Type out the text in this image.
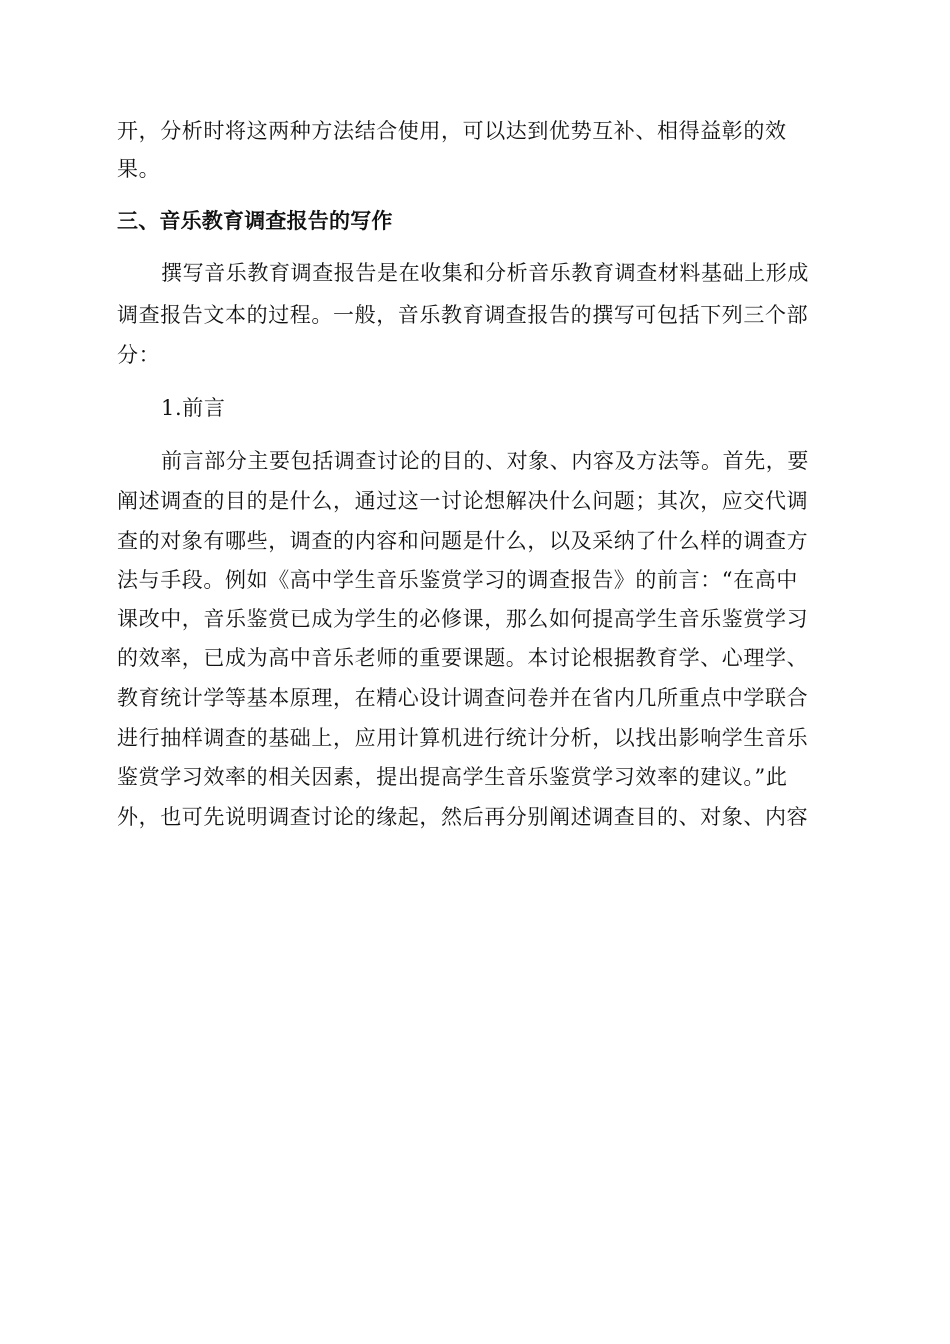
开，分析时将这两种方法结合使用，可以达到优势互补、相得益彰的效
果。
三、音乐教育调查报告的写作
撰写音乐教育调查报告是在收集和分析音乐教育调查材料基础上形成
调查报告文本的过程。一般，音乐教育调查报告的撰写可包括下列三个部
分：
1.前言
前言部分主要包括调查讨论的目的、对象、内容及方法等。首先，要
阐述调查的目的是什么，通过这一讨论想解决什么问题；其次，应交代调
查的对象有哪些，调查的内容和问题是什么，以及采纳了什么样的调查方
法与手段。例如《高中学生音乐鉴赏学习的调查报告》的前言：“在高中
课改中，音乐鉴赏已成为学生的必修课，那么如何提高学生音乐鉴赏学习
的效率，已成为高中音乐老师的重要课题。本讨论根据教育学、心理学、
教育统计学等基本原理，在精心设计调查问卷并在省内几所重点中学联合
进行抽样调查的基础上，应用计算机进行统计分析，以找出影响学生音乐
鉴赏学习效率的相关因素，提出提高学生音乐鉴赏学习效率的建议。”此
外，也可先说明调查讨论的缘起，然后再分别阐述调查目的、对象、内容
